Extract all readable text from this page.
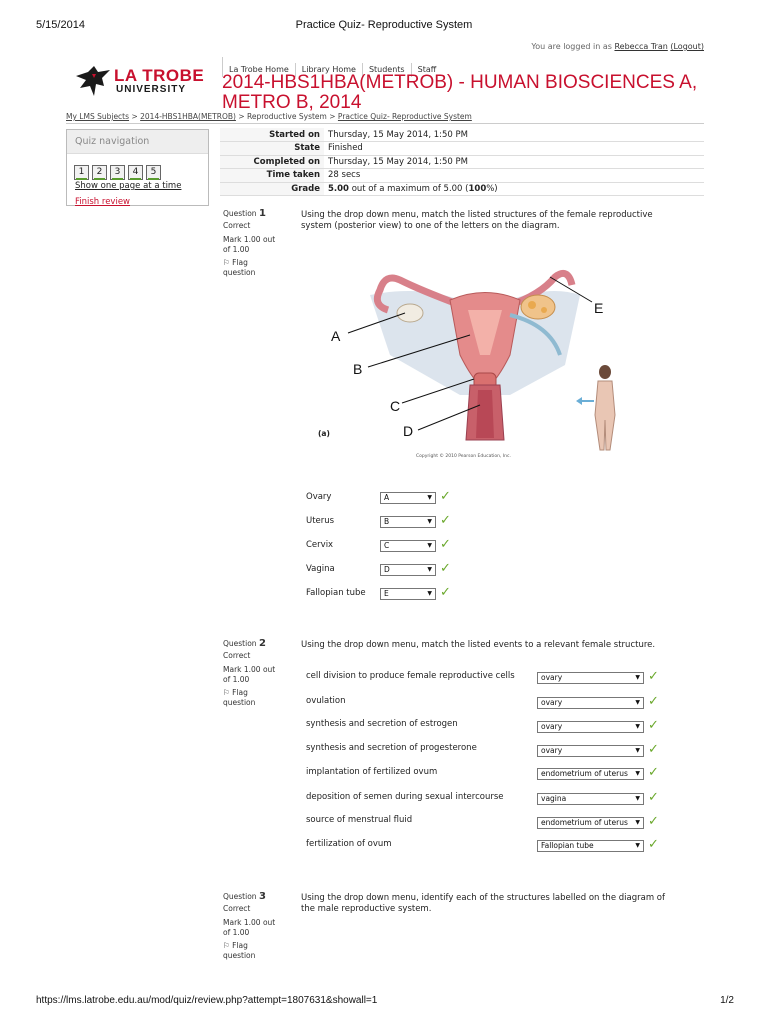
5/15/2014	Practice Quiz- Reproductive System
You are logged in as Rebecca Tran (Logout)
LA TROBE
UNIVERSITY
La Trobe Home Library Home Students Staff
2014-HBS1HBA(METROB) - HUMAN BIOSCIENCES A, METRO B, 2014
My LMS Subjects > 2014-HBS1HBA(METROB) > Reproductive System > Practice Quiz- Reproductive System
Quiz navigation
1 2 3 4 5
Show one page at a time
Finish review
Started on	Thursday, 15 May 2014, 1:50 PM
State	Finished
Completed on	Thursday, 15 May 2014, 1:50 PM
Time taken	28 secs
Grade	5.00 out of a maximum of 5.00 (100%)
Question 1
Correct
Mark 1.00 out
of 1.00
⚐ Flag
question
Using the drop down menu, match the listed structures of the female reproductive
system (posterior view) to one of the letters on the diagram.
A
B
C
D
E
(a)
Copyright © 2010 Pearson Education, Inc.
Ovary	A	▼ ✓
Uterus	B	▼ ✓
Cervix	C	▼ ✓
Vagina	D	▼ ✓
Fallopian tube	E	▼ ✓
Question 2
Correct
Mark 1.00 out
of 1.00
⚐ Flag
question
Using the drop down menu, match the listed events to a relevant female structure.
cell division to produce female reproductive cells	ovary	▼ ✓
ovulation	ovary	▼ ✓
synthesis and secretion of estrogen	ovary	▼ ✓
synthesis and secretion of progesterone	ovary	▼ ✓
implantation of fertilized ovum	endometrium of uterus ▼ ✓
deposition of semen during sexual intercourse	vagina	▼ ✓
source of menstrual fluid	endometrium of uterus ▼ ✓
fertilization of ovum	Fallopian tube	▼ ✓
Question 3
Correct
Mark 1.00 out
of 1.00
⚐ Flag
question
Using the drop down menu, identify each of the structures labelled on the diagram of
the male reproductive system.
https://lms.latrobe.edu.au/mod/quiz/review.php?attempt=1807631&showall=1	1/2
